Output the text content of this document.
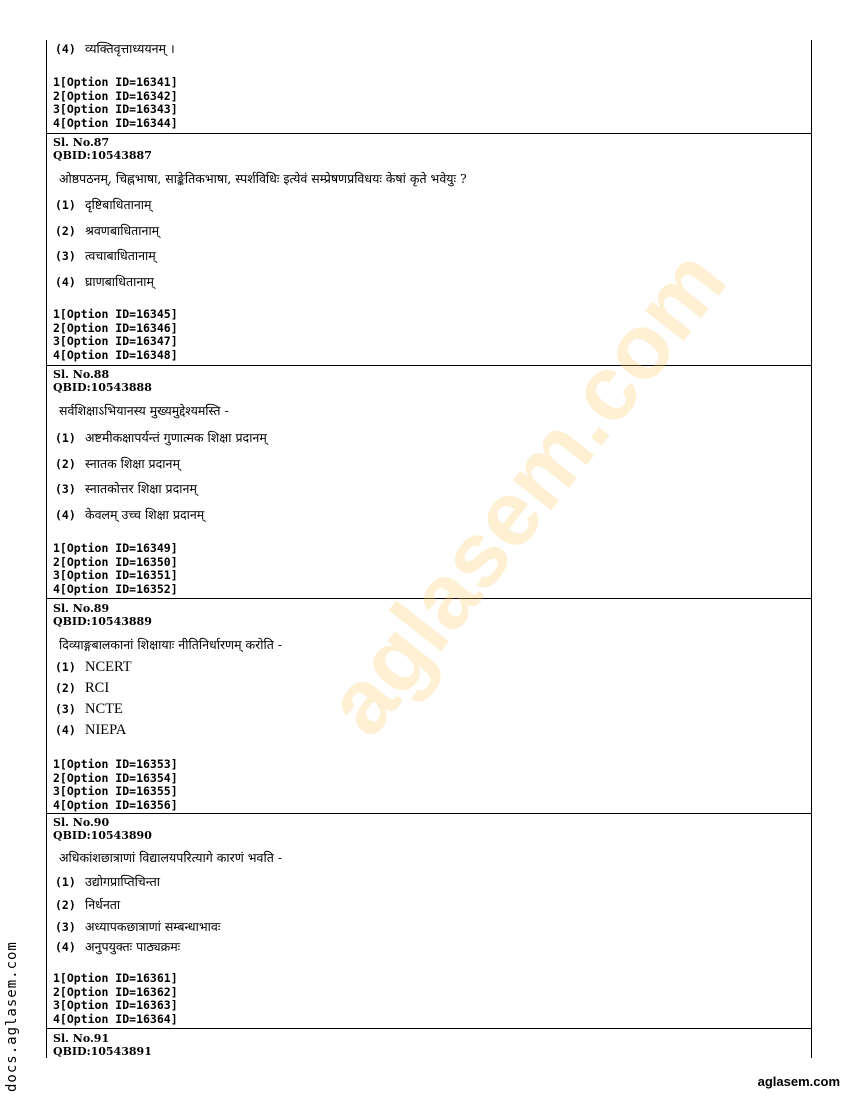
(4) व्यक्तिवृत्ताध्ययनम् ।
1[Option ID=16341]
2[Option ID=16342]
3[Option ID=16343]
4[Option ID=16344]
Sl. No.87
QBID:10543887
ओष्ठपठनम्, चिह्नभाषा, साङ्केतिकभाषा, स्पर्शविधिः इत्येवं सम्प्रेषणप्रविधयः केषां कृते भवेयुः ?
(1) दृष्टिबाधितानाम्
(2) श्रवणबाधितानाम्
(3) त्वचाबाधितानाम्
(4) घ्राणबाधितानाम्
1[Option ID=16345]
2[Option ID=16346]
3[Option ID=16347]
4[Option ID=16348]
Sl. No.88
QBID:10543888
सर्वशिक्षाऽभियानस्य मुख्यमुद्देश्यमस्ति -
(1) अष्टमीकक्षापर्यन्तं गुणात्मक शिक्षा प्रदानम्
(2) स्नातक शिक्षा प्रदानम्
(3) स्नातकोत्तर शिक्षा प्रदानम्
(4) केवलम् उच्च शिक्षा प्रदानम्
1[Option ID=16349]
2[Option ID=16350]
3[Option ID=16351]
4[Option ID=16352]
Sl. No.89
QBID:10543889
दिव्याङ्गबालकानां शिक्षायाः नीतिनिर्धारणम् करोति -
(1) NCERT
(2) RCI
(3) NCTE
(4) NIEPA
1[Option ID=16353]
2[Option ID=16354]
3[Option ID=16355]
4[Option ID=16356]
Sl. No.90
QBID:10543890
अधिकांशछात्राणां विद्यालयपरित्यागे कारणं भवति -
(1) उद्योगप्राप्तिचिन्ता
(2) निर्धनता
(3) अध्यापकछात्राणां सम्बन्धाभावः
(4) अनुपयुक्तः पाठ्यक्रमः
1[Option ID=16361]
2[Option ID=16362]
3[Option ID=16363]
4[Option ID=16364]
Sl. No.91
QBID:10543891
aglasem.com
docs.aglasem.com	aglasem.com
